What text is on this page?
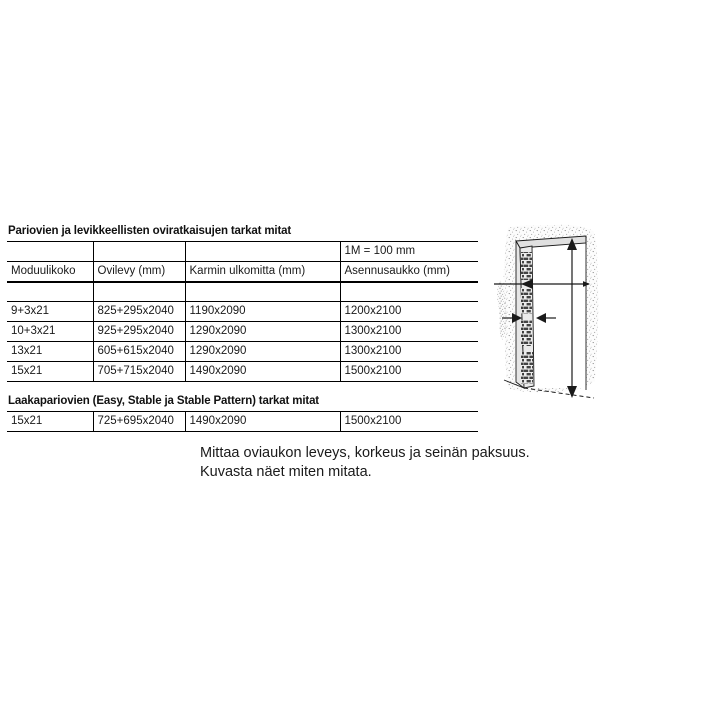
Pariovien ja levikkeellisten oviratkaisujen tarkat mitat
			1M = 100 mm
Moduulikoko	Ovilevy (mm)	Karmin ulkomitta (mm)	Asennusaukko (mm)

9+3x21	825+295x2040	1190x2090	1200x2100
10+3x21	925+295x2040	1290x2090	1300x2100
13x21	605+615x2040	1290x2090	1300x2100
15x21	705+715x2040	1490x2090	1500x2100
Laakapariovien (Easy, Stable ja Stable Pattern) tarkat mitat
15x21	725+695x2040	1490x2090	1500x2100
Mittaa oviaukon leveys, korkeus ja seinän paksuus.
Kuvasta näet miten mitata.
